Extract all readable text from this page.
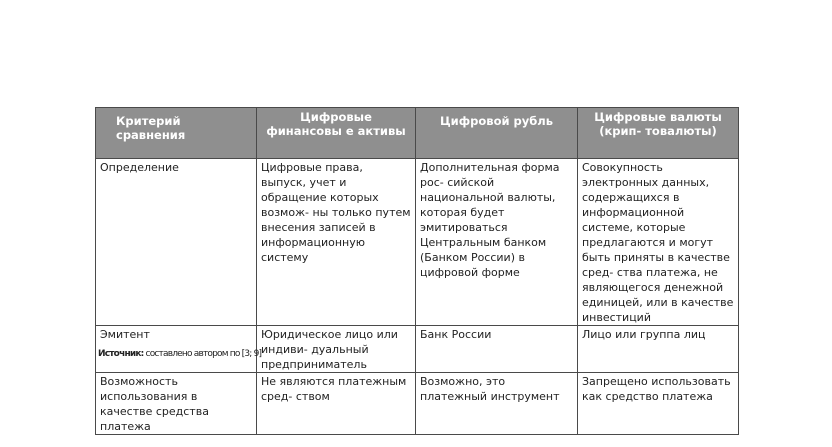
Критерий сравнения	Цифровые финансовы е активы	Цифровой рубль	Цифровые валюты (крип- товалюты)
Определение	Цифровые права, выпуск, учет и обращение которых возмож- ны только путем внесения записей в информационную систему	Дополнительная форма рос- сийской национальной валюты, которая будет эмитироваться Центральным банком (Банком России) в цифровой форме	Совокупность электронных данных, содержащихся в информационной системе, которые предлагаются и могут быть приняты в качестве сред- ства платежа, не являющегося денежной единицей, или в качестве инвестиций
Эмитент	Юридическое лицо или индиви- дуальный предприниматель	Банк России	Лицо или группа лиц
Возможность использования в качестве средства платежа	Не являются платежным сред- ством	Возможно, это платежный инструмент	Запрещено использовать как средство платежа
Источник: составлено автором по [3; 9]
